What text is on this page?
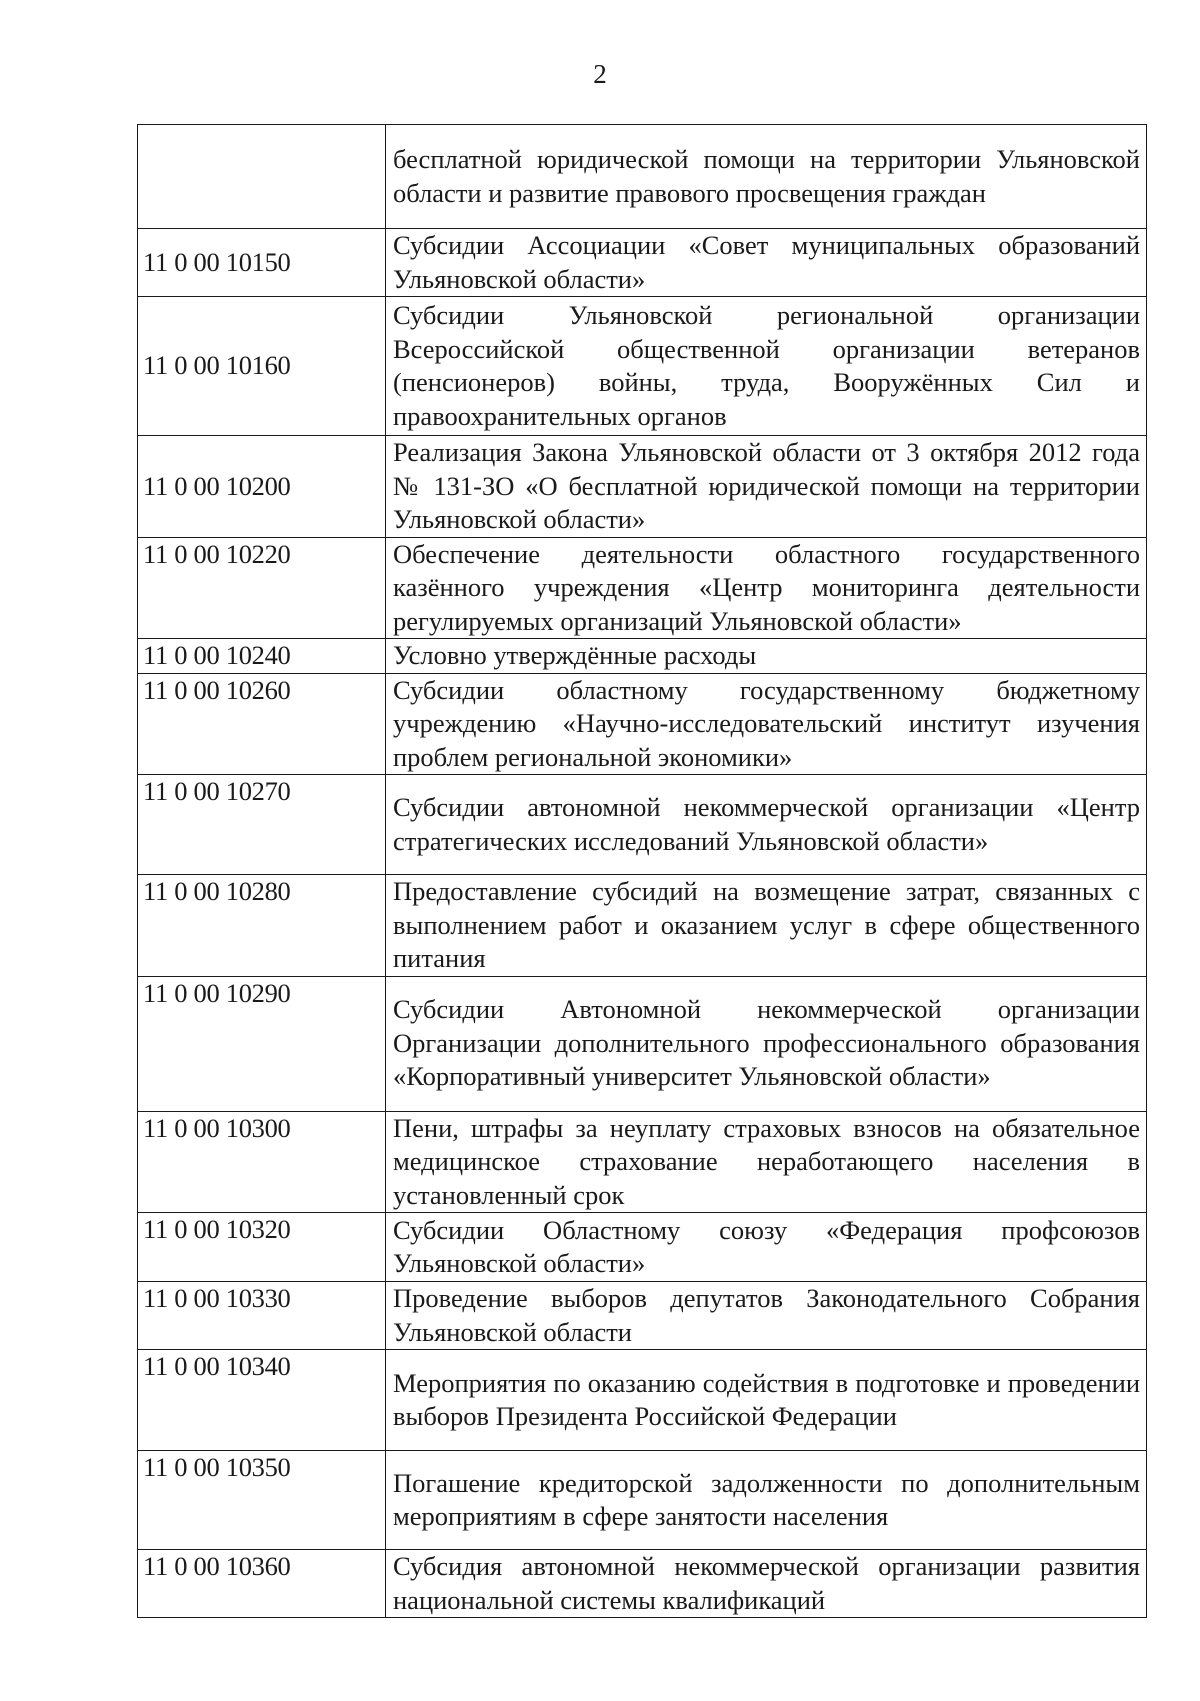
2
	бесплатной юридической помощи на территории Ульяновской области и развитие правового просвещения граждан
11 0 00 10150	Субсидии Ассоциации «Совет муниципальных образований Ульяновской области»
11 0 00 10160	Субсидии Ульяновской региональной организации Всероссийской общественной организации ветеранов (пенсионеров) войны, труда, Вооружённых Сил и правоохранительных органов
11 0 00 10200	Реализация Закона Ульяновской области от 3 октября 2012 года № 131-ЗО «О бесплатной юридической помощи на территории Ульяновской области»
11 0 00 10220	Обеспечение деятельности областного государственного казённого учреждения «Центр мониторинга деятельности регулируемых организаций Ульяновской области»
11 0 00 10240	Условно утверждённые расходы
11 0 00 10260	Субсидии областному государственному бюджетному учреждению «Научно-исследовательский институт изучения проблем региональной экономики»
11 0 00 10270	Субсидии автономной некоммерческой организации «Центр стратегических исследований Ульяновской области»
11 0 00 10280	Предоставление субсидий на возмещение затрат, связанных с выполнением работ и оказанием услуг в сфере общественного питания
11 0 00 10290	Субсидии Автономной некоммерческой организации Организации дополнительного профессионального образования «Корпоративный университет Ульяновской области»
11 0 00 10300	Пени, штрафы за неуплату страховых взносов на обязательное медицинское страхование неработающего населения в установленный срок
11 0 00 10320	Субсидии Областному союзу «Федерация профсоюзов Ульяновской области»
11 0 00 10330	Проведение выборов депутатов Законодательного Собрания Ульяновской области
11 0 00 10340	Мероприятия по оказанию содействия в подготовке и проведении выборов Президента Российской Федерации
11 0 00 10350	Погашение кредиторской задолженности по дополнительным мероприятиям в сфере занятости населения
11 0 00 10360	Субсидия автономной некоммерческой организации развития национальной системы квалификаций
